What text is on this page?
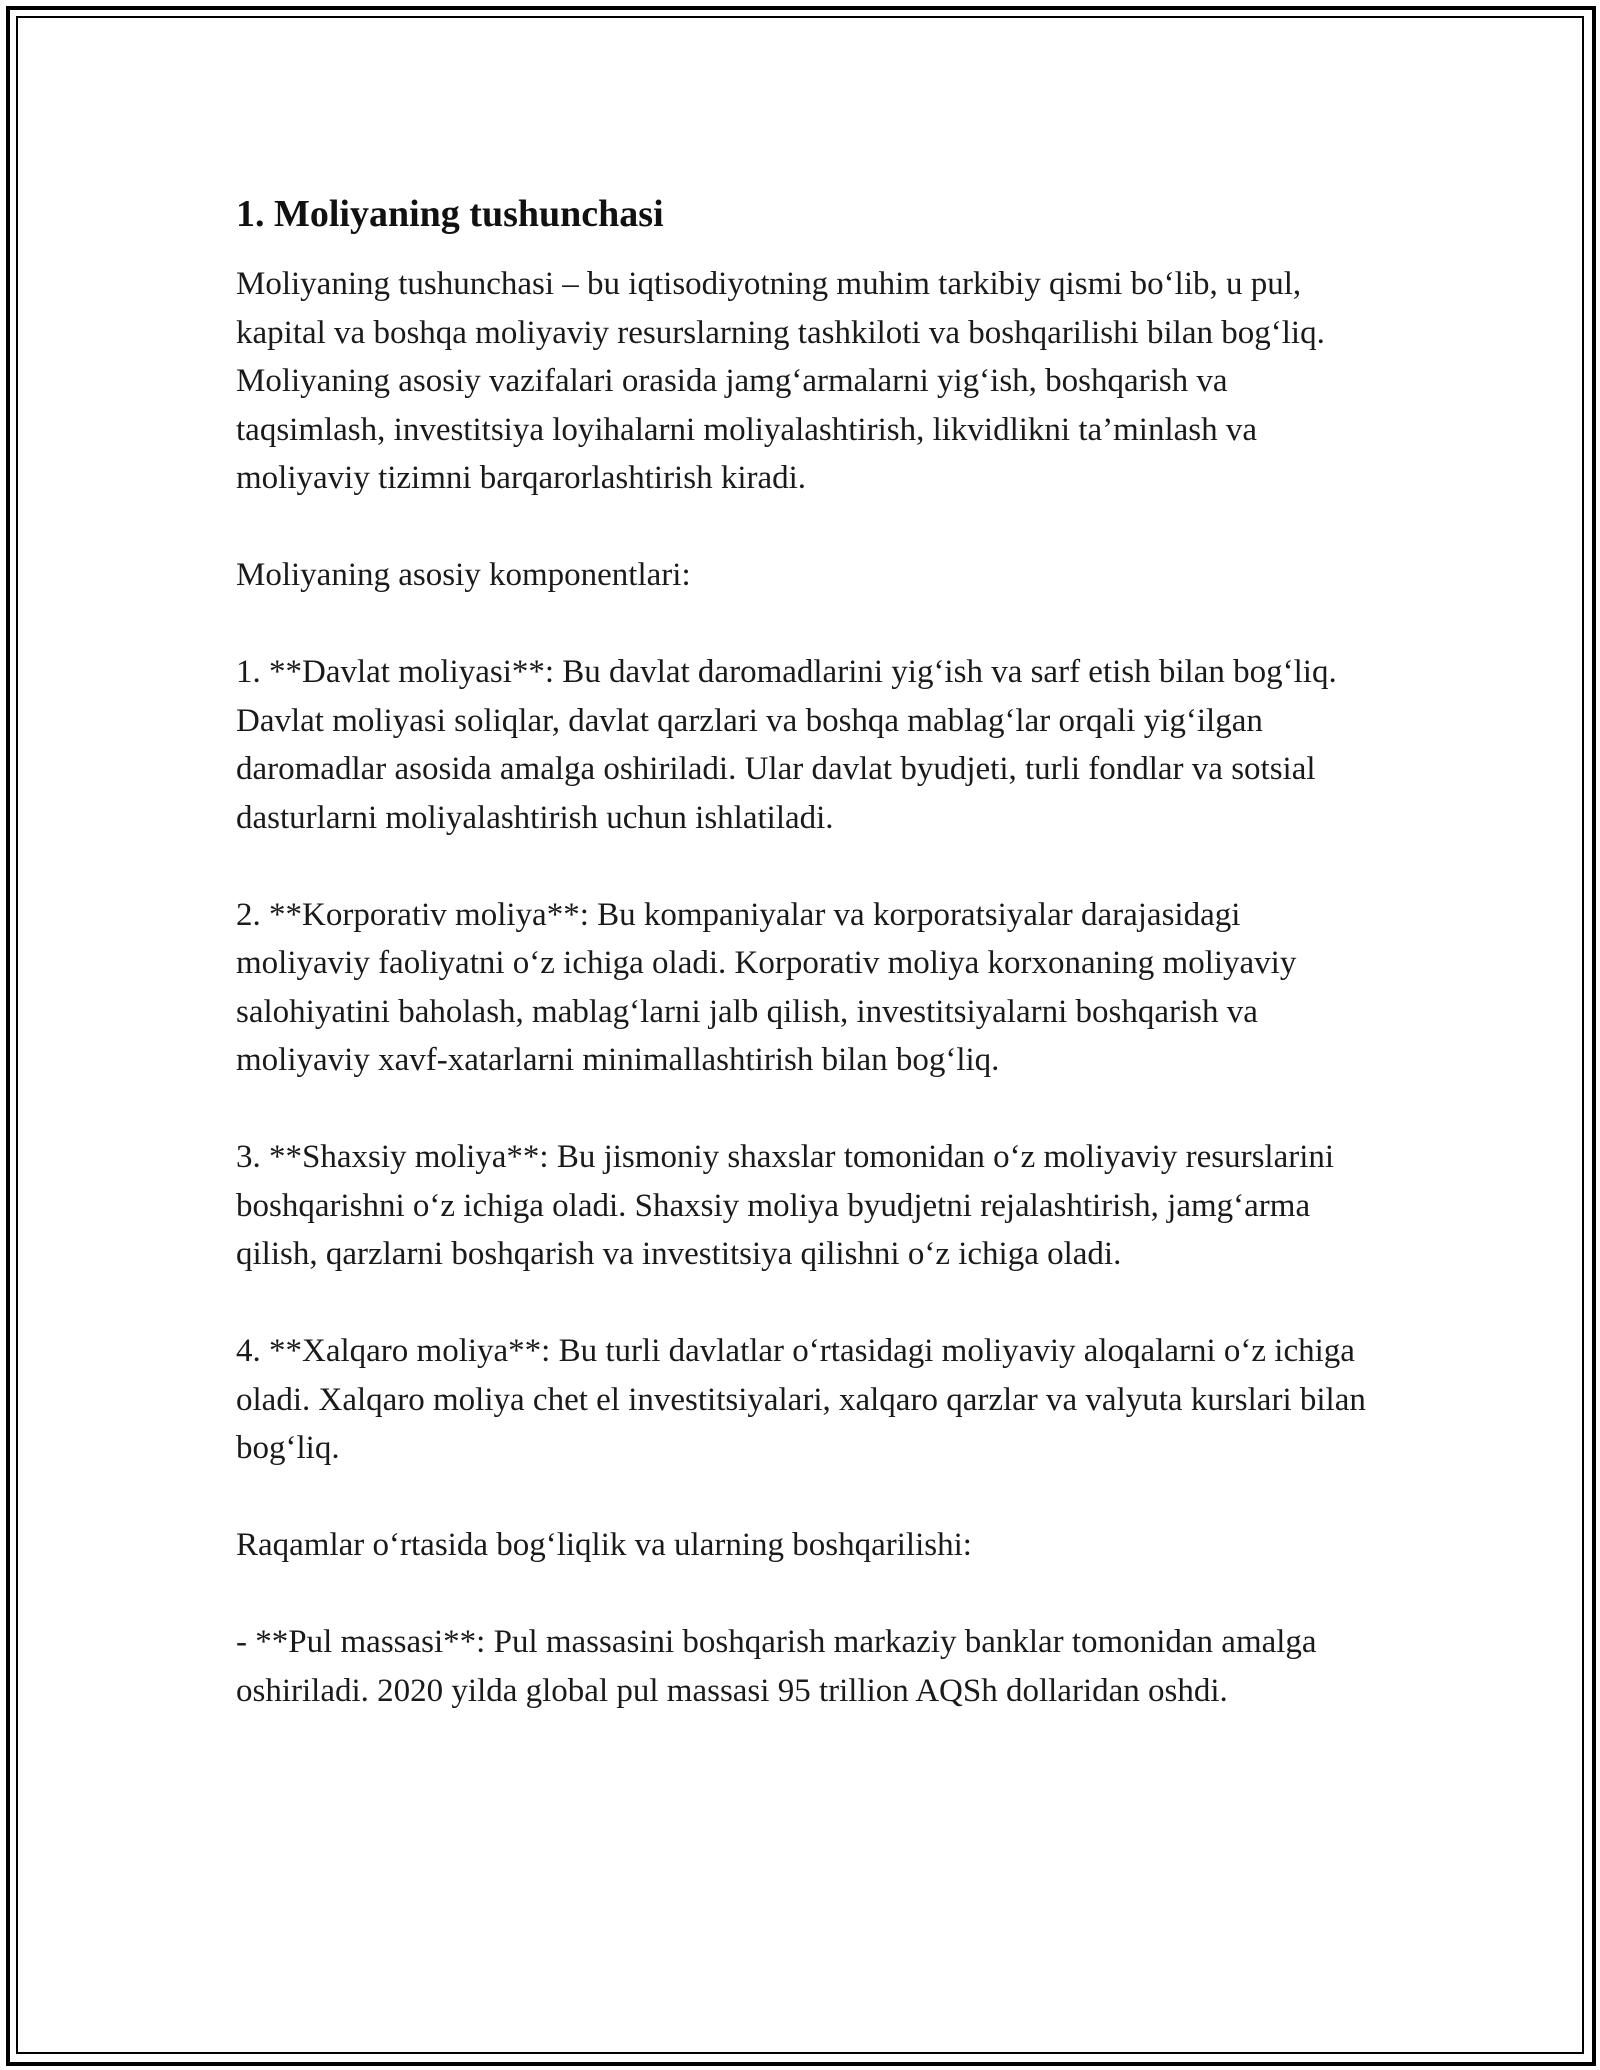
1. Moliyaning tushunchasi

Moliyaning tushunchasi – bu iqtisodiyotning muhim tarkibiy qismi bo‘lib, u pul, kapital va boshqa moliyaviy resurslarning tashkiloti va boshqarilishi bilan bog‘liq. Moliyaning asosiy vazifalari orasida jamg‘armalarni yig‘ish, boshqarish va taqsimlash, investitsiya loyihalarni moliyalashtirish, likvidlikni ta’minlash va moliyaviy tizimni barqarorlashtirish kiradi.

Moliyaning asosiy komponentlari:

1. **Davlat moliyasi**: Bu davlat daromadlarini yig‘ish va sarf etish bilan bog‘liq. Davlat moliyasi soliqlar, davlat qarzlari va boshqa mablag‘lar orqali yig‘ilgan daromadlar asosida amalga oshiriladi. Ular davlat byudjeti, turli fondlar va sotsial dasturlarni moliyalashtirish uchun ishlatiladi.

2. **Korporativ moliya**: Bu kompaniyalar va korporatsiyalar darajasidagi moliyaviy faoliyatni o‘z ichiga oladi. Korporativ moliya korxonaning moliyaviy salohiyatini baholash, mablag‘larni jalb qilish, investitsiyalarni boshqarish va moliyaviy xavf-xatarlarni minimallashtirish bilan bog‘liq.

3. **Shaxsiy moliya**: Bu jismoniy shaxslar tomonidan o‘z moliyaviy resurslarini boshqarishni o‘z ichiga oladi. Shaxsiy moliya byudjetni rejalashtirish, jamg‘arma qilish, qarzlarni boshqarish va investitsiya qilishni o‘z ichiga oladi.

4. **Xalqaro moliya**: Bu turli davlatlar o‘rtasidagi moliyaviy aloqalarni o‘z ichiga oladi. Xalqaro moliya chet el investitsiyalari, xalqaro qarzlar va valyuta kurslari bilan bog‘liq.

Raqamlar o‘rtasida bog‘liqlik va ularning boshqarilishi:

- **Pul massasi**: Pul massasini boshqarish markaziy banklar tomonidan amalga oshiriladi. 2020 yilda global pul massasi 95 trillion AQSh dollaridan oshdi.
